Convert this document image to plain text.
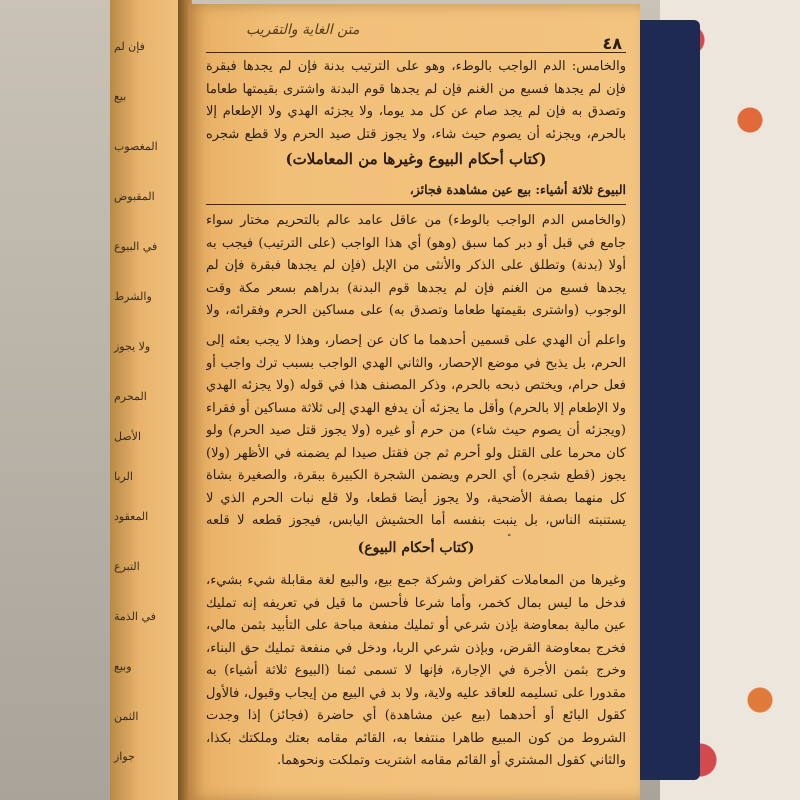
فإن لم
بيع
المغصوب
المقبوض
في البيوع
والشرط
ولا يجوز
المحرم
الأصل
الربا
المعقود
التبرع
في الذمة
وبيع
الثمن
جواز
٤٨
متن الغاية والتقريب
والخامس: الدم الواجب بالوطء، وهو على الترتيب بدنة فإن لم يجدها فبقرة فإن لم يجدها فسبع من الغنم فإن لم يجدها قوم البدنة واشترى بقيمتها طعاما وتصدق به فإن لم يجد صام عن كل مد يوما، ولا يجزئه الهدي ولا الإطعام إلا بالحرم، ويجزئه أن يصوم حيث شاء، ولا يجوز قتل صيد الحرم ولا قطع شجره
(كتاب أحكام البيوع وغيرها من المعاملات)
البيوع ثلاثة أشياء: بيع عين مشاهدة فجائز،
(والخامس الدم الواجب بالوطء) من عاقل عامد عالم بالتحريم مختار سواء جامع في قبل أو دبر كما سبق (وهو) أي هذا الواجب (على الترتيب) فيجب به أولا (بدنة) وتطلق على الذكر والأنثى من الإبل (فإن لم يجدها فبقرة فإن لم يجدها فسبع من الغنم فإن لم يجدها قوم البدنة) بدراهم بسعر مكة وقت الوجوب (واشترى بقيمتها طعاما وتصدق به) على مساكين الحرم وفقرائه، ولا
واعلم أن الهدي على قسمين أحدهما ما كان عن إحصار، وهذا لا يجب بعثه إلى الحرم، بل يذبح في موضع الإحصار، والثاني الهدي الواجب بسبب ترك واجب أو فعل حرام، ويختص ذبحه بالحرم، وذكر المصنف هذا في قوله (ولا يجزئه الهدي ولا الإطعام إلا بالحرم) وأقل ما يجزئه أن يدفع الهدي إلى ثلاثة مساكين أو فقراء (ويجزئه أن يصوم حيث شاء) من حرم أو غيره (ولا يجوز قتل صيد الحرم) ولو كان محرما على القتل ولو أحرم ثم جن فقتل صيدا لم يضمنه في الأظهر (ولا) يجوز (قطع شجره) أي الحرم ويضمن الشجرة الكبيرة ببقرة، والصغيرة بشاة كل منهما بصفة الأضحية، ولا يجوز أيضا قطعا، ولا قلع نبات الحرم الذي لا يستنبته الناس، بل ينبت بنفسه أما الحشيش اليابس، فيجوز قطعه لا قلعه
(كتاب أحكام البيوع)
وغيرها من المعاملات كقراض وشركة جمع بيع، والبيع لغة مقابلة شيء بشيء، فدخل ما ليس بمال كخمر، وأما شرعا فأحسن ما قيل في تعريفه إنه تمليك عين مالية بمعاوضة بإذن شرعي أو تمليك منفعة مباحة على التأبيد بثمن مالي، فخرج بمعاوضة القرض، وبإذن شرعي الربا، ودخل في منفعة تمليك حق البناء، وخرج بثمن الأجرة في الإجارة، فإنها لا تسمى ثمنا (البيوع ثلاثة أشياء) به مقدورا على تسليمه للعاقد عليه ولاية، ولا بد في البيع من إيجاب وقبول، فالأول كقول البائع أو أحدهما (بيع عين مشاهدة) أي حاضرة (فجائز) إذا وجدت الشروط من كون المبيع طاهرا منتفعا به، القائم مقامه بعتك وملكتك بكذا، والثاني كقول المشتري أو القائم مقامه اشتريت وتملكت ونحوهما.
